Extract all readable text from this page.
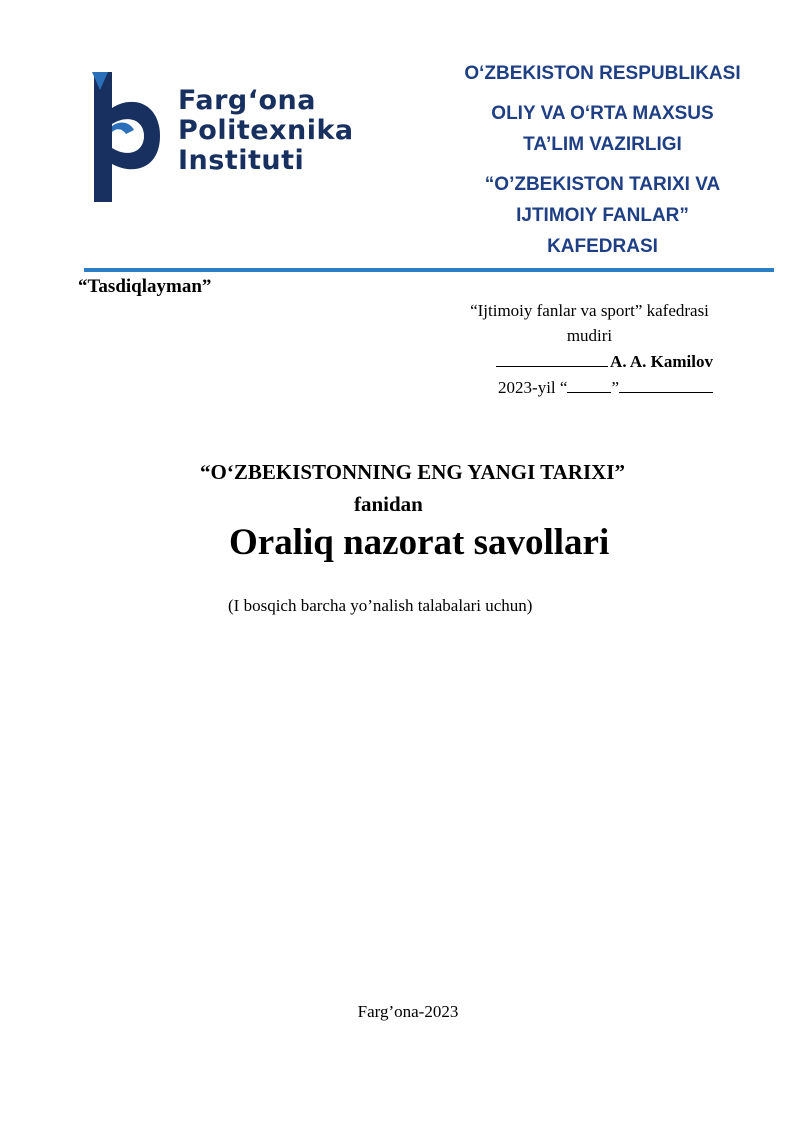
Farg‘ona
Politexnika
Instituti
O‘ZBEKISTON RESPUBLIKASI
OLIY VA O‘RTA MAXSUS
TA’LIM VAZIRLIGI
“O’ZBEKISTON TARIXI VA
IJTIMOIY FANLAR”
KAFEDRASI
“Tasdiqlayman”
“Ijtimoiy fanlar va sport” kafedrasi
mudiri
A. A. Kamilov
2023-yil “	”
“O‘ZBEKISTONNING ENG YANGI TARIXI”
fanidan
Oraliq nazorat savollari
(I bosqich barcha yo’nalish talabalari uchun)
Farg’ona-2023
